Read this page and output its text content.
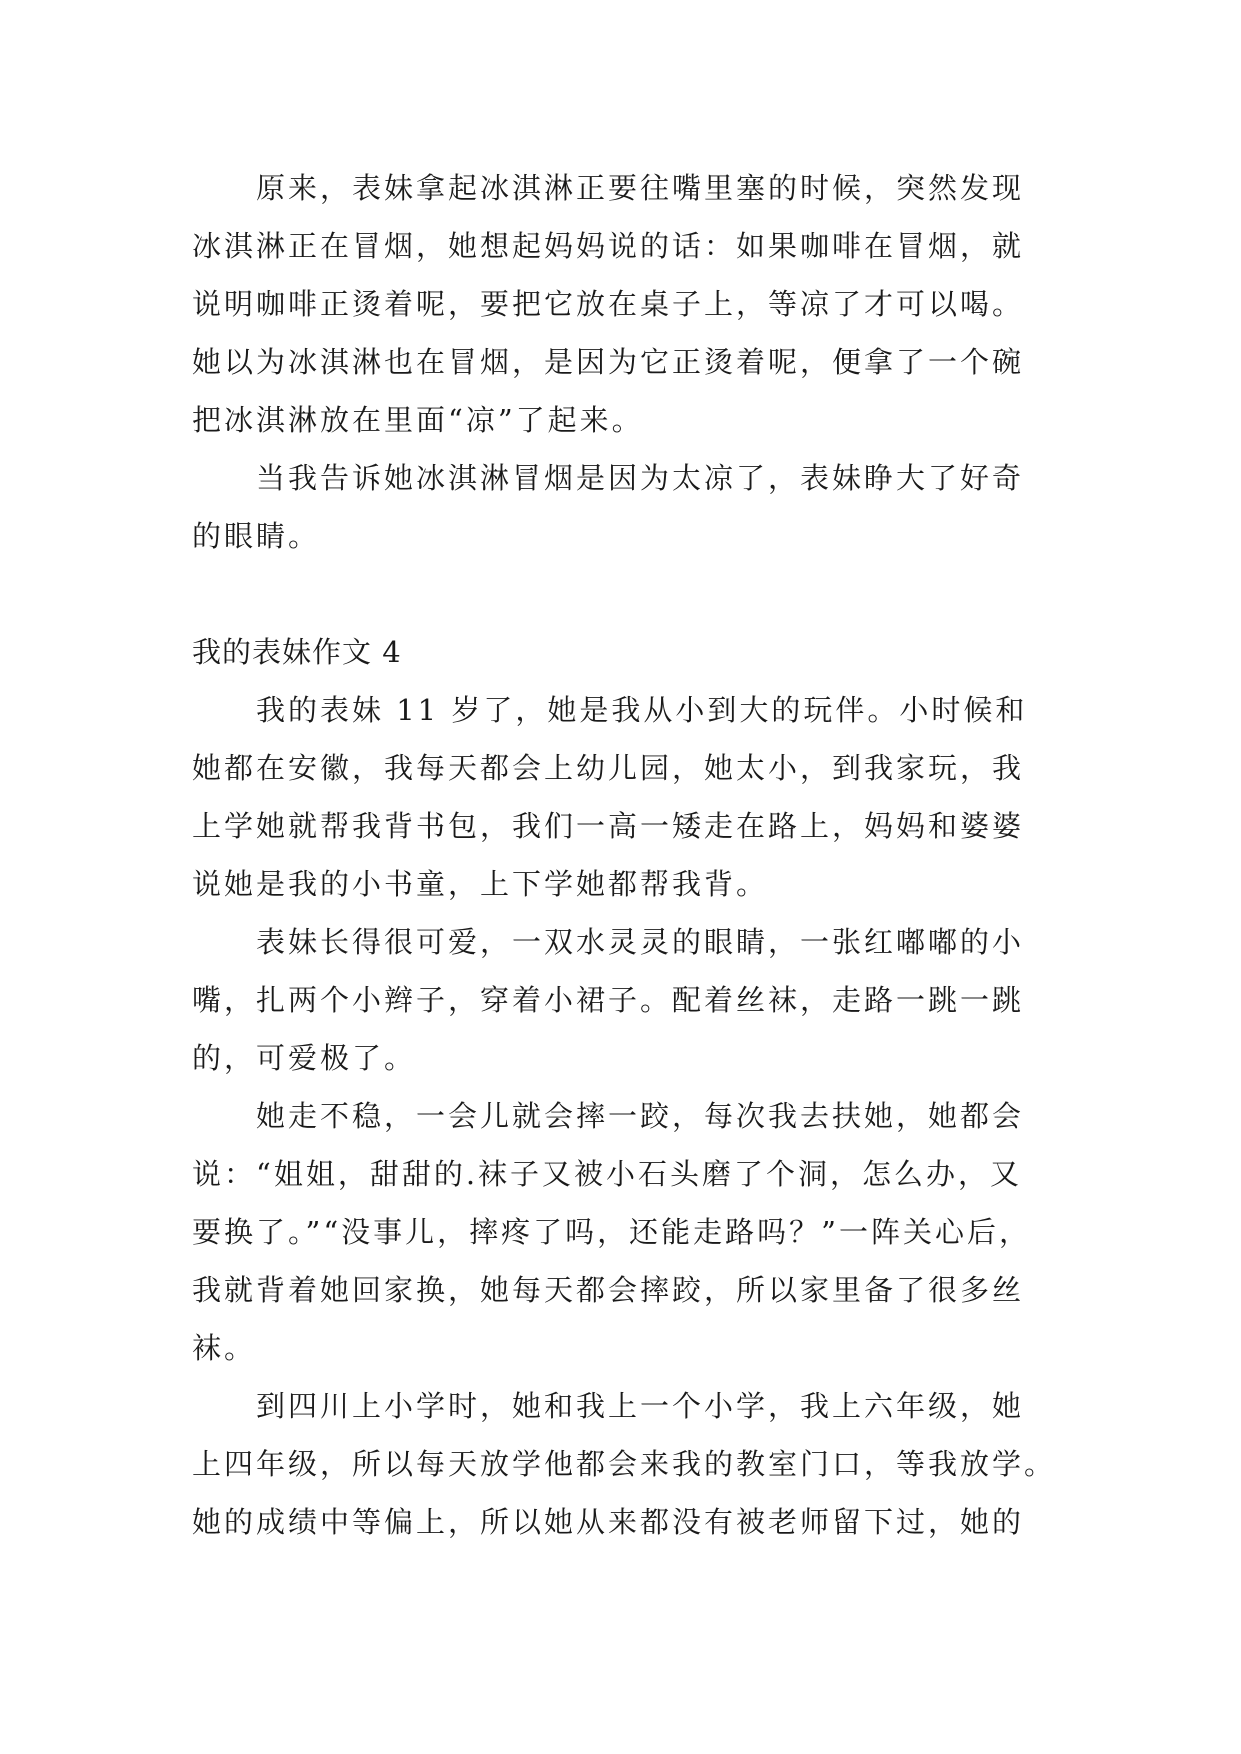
原来，表妹拿起冰淇淋正要往嘴里塞的时候，突然发现
冰淇淋正在冒烟，她想起妈妈说的话：如果咖啡在冒烟，就
说明咖啡正烫着呢，要把它放在桌子上，等凉了才可以喝。
她以为冰淇淋也在冒烟，是因为它正烫着呢，便拿了一个碗
把冰淇淋放在里面“凉”了起来。
当我告诉她冰淇淋冒烟是因为太凉了，表妹睁大了好奇
的眼睛。
我的表妹作文 4
我的表妹 11 岁了，她是我从小到大的玩伴。小时候和
她都在安徽，我每天都会上幼儿园，她太小，到我家玩，我
上学她就帮我背书包，我们一高一矮走在路上，妈妈和婆婆
说她是我的小书童，上下学她都帮我背。
表妹长得很可爱，一双水灵灵的眼睛，一张红嘟嘟的小
嘴，扎两个小辫子，穿着小裙子。配着丝袜，走路一跳一跳
的，可爱极了。
她走不稳，一会儿就会摔一跤，每次我去扶她，她都会
说：“姐姐，甜甜的.袜子又被小石头磨了个洞，怎么办，又
要换了。”“没事儿，摔疼了吗，还能走路吗？”一阵关心后，
我就背着她回家换，她每天都会摔跤，所以家里备了很多丝
袜。
到四川上小学时，她和我上一个小学，我上六年级，她
上四年级，所以每天放学他都会来我的教室门口，等我放学。
她的成绩中等偏上，所以她从来都没有被老师留下过，她的
